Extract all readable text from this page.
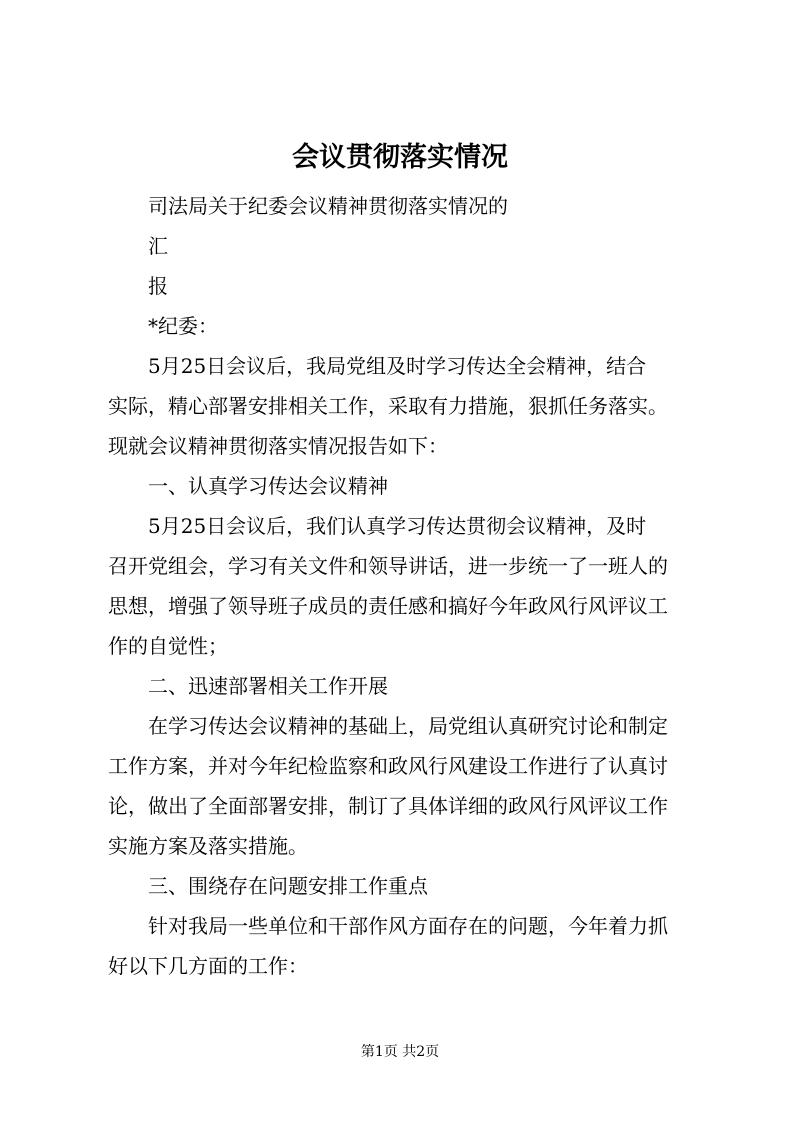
会议贯彻落实情况
司法局关于纪委会议精神贯彻落实情况的
汇
报
*纪委：
5月25日会议后，我局党组及时学习传达全会精神，结合
实际，精心部署安排相关工作，采取有力措施，狠抓任务落实。
现就会议精神贯彻落实情况报告如下：
一、认真学习传达会议精神
5月25日会议后，我们认真学习传达贯彻会议精神，及时
召开党组会，学习有关文件和领导讲话，进一步统一了一班人的
思想，增强了领导班子成员的责任感和搞好今年政风行风评议工
作的自觉性；
二、迅速部署相关工作开展
在学习传达会议精神的基础上，局党组认真研究讨论和制定
工作方案，并对今年纪检监察和政风行风建设工作进行了认真讨
论，做出了全面部署安排，制订了具体详细的政风行风评议工作
实施方案及落实措施。
三、围绕存在问题安排工作重点
针对我局一些单位和干部作风方面存在的问题，今年着力抓
好以下几方面的工作：
第1页 共2页
